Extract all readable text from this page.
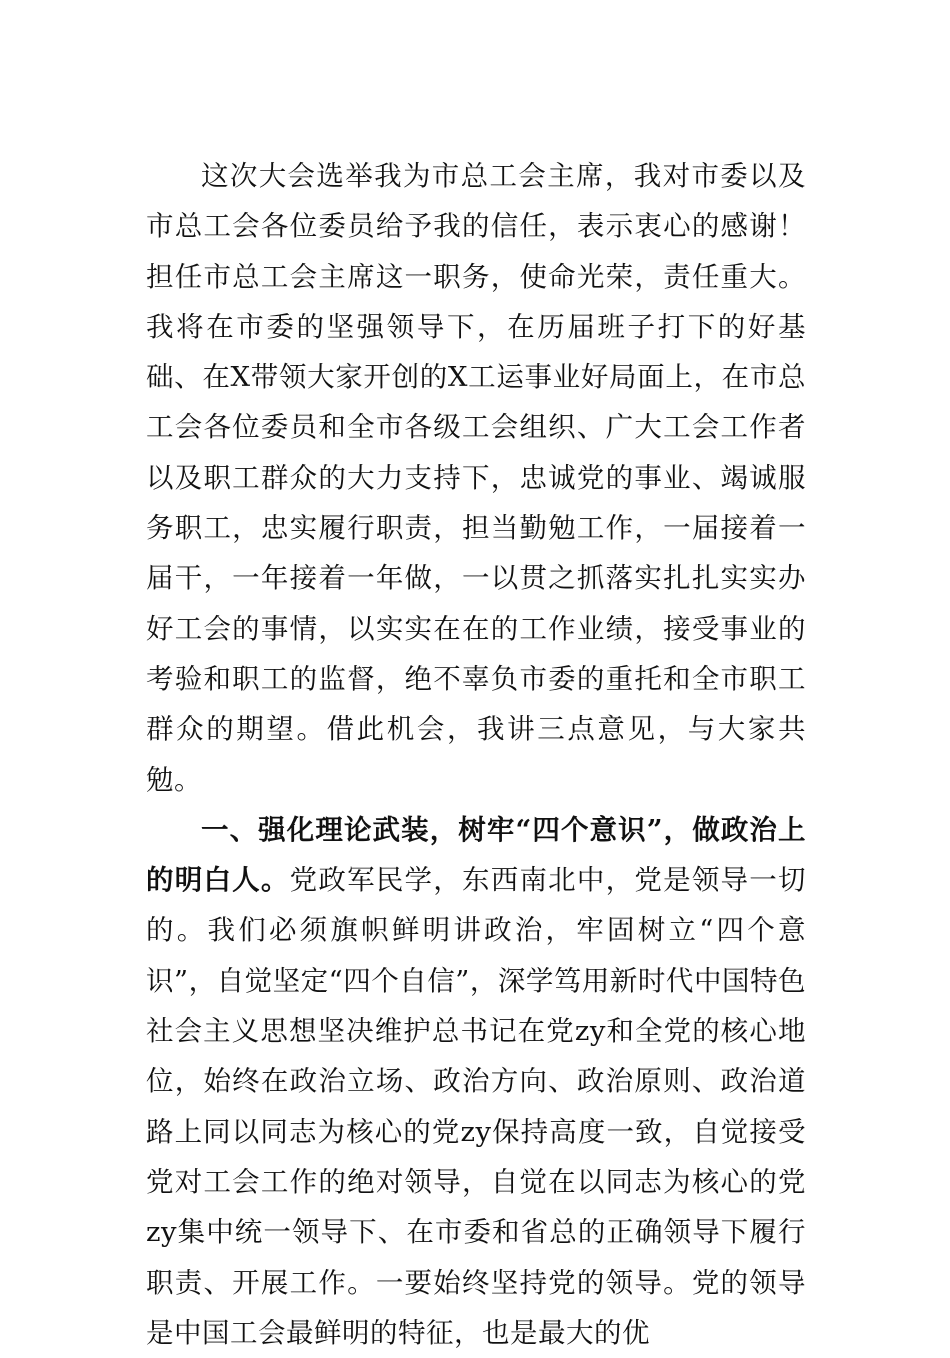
这次大会选举我为市总工会主席，我对市委以及市总工会各位委员给予我的信任，表示衷心的感谢！担任市总工会主席这一职务，使命光荣，责任重大。我将在市委的坚强领导下，在历届班子打下的好基础、在X带领大家开创的X工运事业好局面上，在市总工会各位委员和全市各级工会组织、广大工会工作者以及职工群众的大力支持下，忠诚党的事业、竭诚服务职工，忠实履行职责，担当勤勉工作，一届接着一届干，一年接着一年做，一以贯之抓落实扎扎实实办好工会的事情，以实实在在的工作业绩，接受事业的考验和职工的监督，绝不辜负市委的重托和全市职工群众的期望。借此机会，我讲三点意见，与大家共勉。

一、强化理论武装，树牢“四个意识”，做政治上的明白人。党政军民学，东西南北中，党是领导一切的。我们必须旗帜鲜明讲政治，牢固树立“四个意识”，自觉坚定“四个自信”，深学笃用新时代中国特色社会主义思想坚决维护总书记在党zy和全党的核心地位，始终在政治立场、政治方向、政治原则、政治道路上同以同志为核心的党zy保持高度一致，自觉接受党对工会工作的绝对领导，自觉在以同志为核心的党zy集中统一领导下、在市委和省总的正确领导下履行职责、开展工作。一要始终坚持党的领导。党的领导是中国工会最鲜明的特征，也是最大的优
